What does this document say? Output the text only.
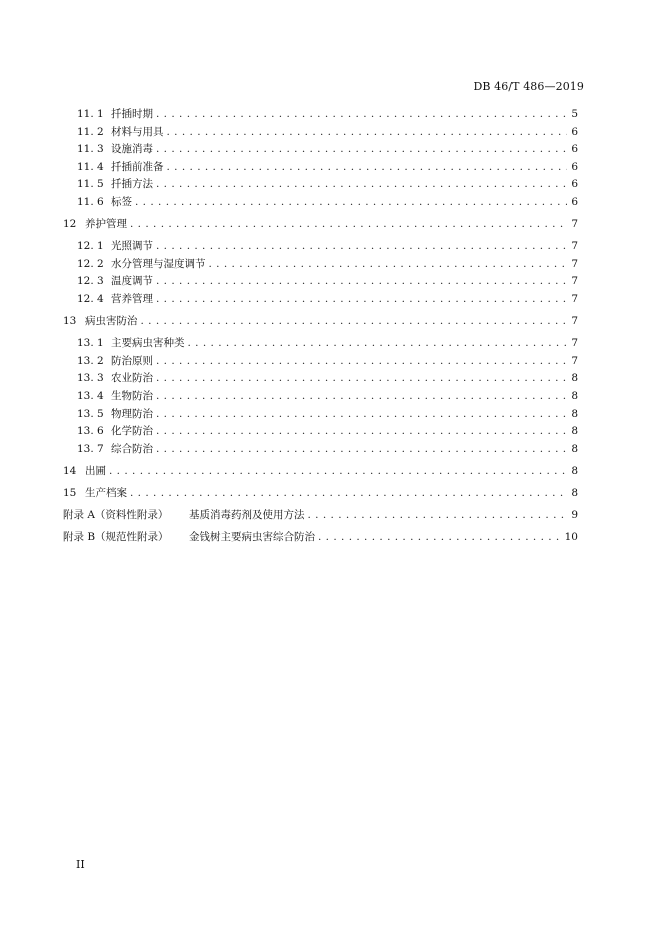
DB 46/T 486—2019
11. 1 扦插时期 . . .	5
11. 2 材料与用具 . . .	6
11. 3 设施消毒 . . .	6
11. 4 扦插前准备 . . .	6
11. 5 扦插方法 . . .	6
11. 6 标签 . . .	6
12 养护管理 . . .	7
12. 1 光照调节 . . .	7
12. 2 水分管理与湿度调节 . . .	7
12. 3 温度调节 . . .	7
12. 4 营养管理 . . .	7
13 病虫害防治 . . .	7
13. 1 主要病虫害种类 . . .	7
13. 2 防治原则 . . .	7
13. 3 农业防治 . . .	8
13. 4 生物防治 . . .	8
13. 5 物理防治 . . .	8
13. 6 化学防治 . . .	8
13. 7 综合防治 . . .	8
14 出圃 . . .	8
15 生产档案 . . .	8
附录 A（资料性附录）	基质消毒药剂及使用方法 . . .	9
附录 B（规范性附录）	金钱树主要病虫害综合防治 . . .	10
II
